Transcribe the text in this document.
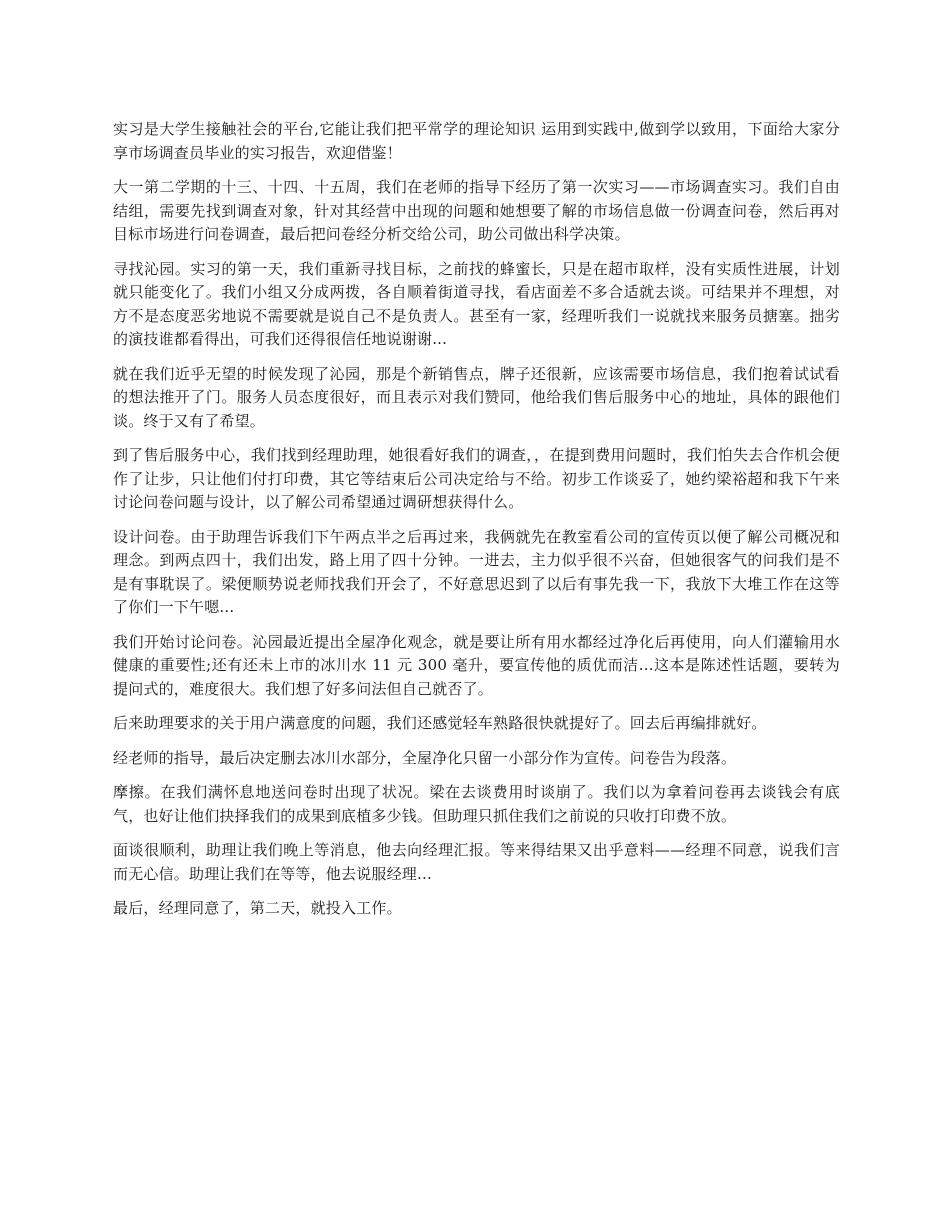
实习是大学生接触社会的平台,它能让我们把平常学的理论知识 运用到实践中,做到学以致用，下面给大家分享市场调查员毕业的实习报告，欢迎借鉴！

大一第二学期的十三、十四、十五周，我们在老师的指导下经历了第一次实习——市场调查实习。我们自由结组，需要先找到调查对象，针对其经营中出现的问题和她想要了解的市场信息做一份调查问卷，然后再对目标市场进行问卷调查，最后把问卷经分析交给公司，助公司做出科学决策。

寻找沁园。实习的第一天，我们重新寻找目标，之前找的蜂蜜长，只是在超市取样，没有实质性进展，计划就只能变化了。我们小组又分成两拨，各自顺着街道寻找，看店面差不多合适就去谈。可结果并不理想，对方不是态度恶劣地说不需要就是说自己不是负责人。甚至有一家，经理听我们一说就找来服务员搪塞。拙劣的演技谁都看得出，可我们还得很信任地说谢谢...

就在我们近乎无望的时候发现了沁园，那是个新销售点，牌子还很新，应该需要市场信息，我们抱着试试看的想法推开了门。服务人员态度很好，而且表示对我们赞同，他给我们售后服务中心的地址，具体的跟他们谈。终于又有了希望。

到了售后服务中心，我们找到经理助理，她很看好我们的调查，，在提到费用问题时，我们怕失去合作机会便作了让步，只让他们付打印费，其它等结束后公司决定给与不给。初步工作谈妥了，她约梁裕超和我下午来讨论问卷问题与设计，以了解公司希望通过调研想获得什么。

设计问卷。由于助理告诉我们下午两点半之后再过来，我俩就先在教室看公司的宣传页以便了解公司概况和理念。到两点四十，我们出发，路上用了四十分钟。一进去，主力似乎很不兴奋，但她很客气的问我们是不是有事耽误了。梁便顺势说老师找我们开会了，不好意思迟到了以后有事先我一下，我放下大堆工作在这等了你们一下午嗯...

我们开始讨论问卷。沁园最近提出全屋净化观念，就是要让所有用水都经过净化后再使用，向人们灌输用水健康的重要性;还有还未上市的冰川水 11 元 300 毫升，要宣传他的质优而洁...这本是陈述性话题，要转为提问式的，难度很大。我们想了好多问法但自己就否了。

后来助理要求的关于用户满意度的问题，我们还感觉轻车熟路很快就提好了。回去后再编排就好。

经老师的指导，最后决定删去冰川水部分，全屋净化只留一小部分作为宣传。问卷告为段落。

摩擦。在我们满怀息地送问卷时出现了状况。梁在去谈费用时谈崩了。我们以为拿着问卷再去谈钱会有底气，也好让他们抉择我们的成果到底植多少钱。但助理只抓住我们之前说的只收打印费不放。

面谈很顺利，助理让我们晚上等消息，他去向经理汇报。等来得结果又出乎意料——经理不同意，说我们言而无心信。助理让我们在等等，他去说服经理...

最后，经理同意了，第二天，就投入工作。
